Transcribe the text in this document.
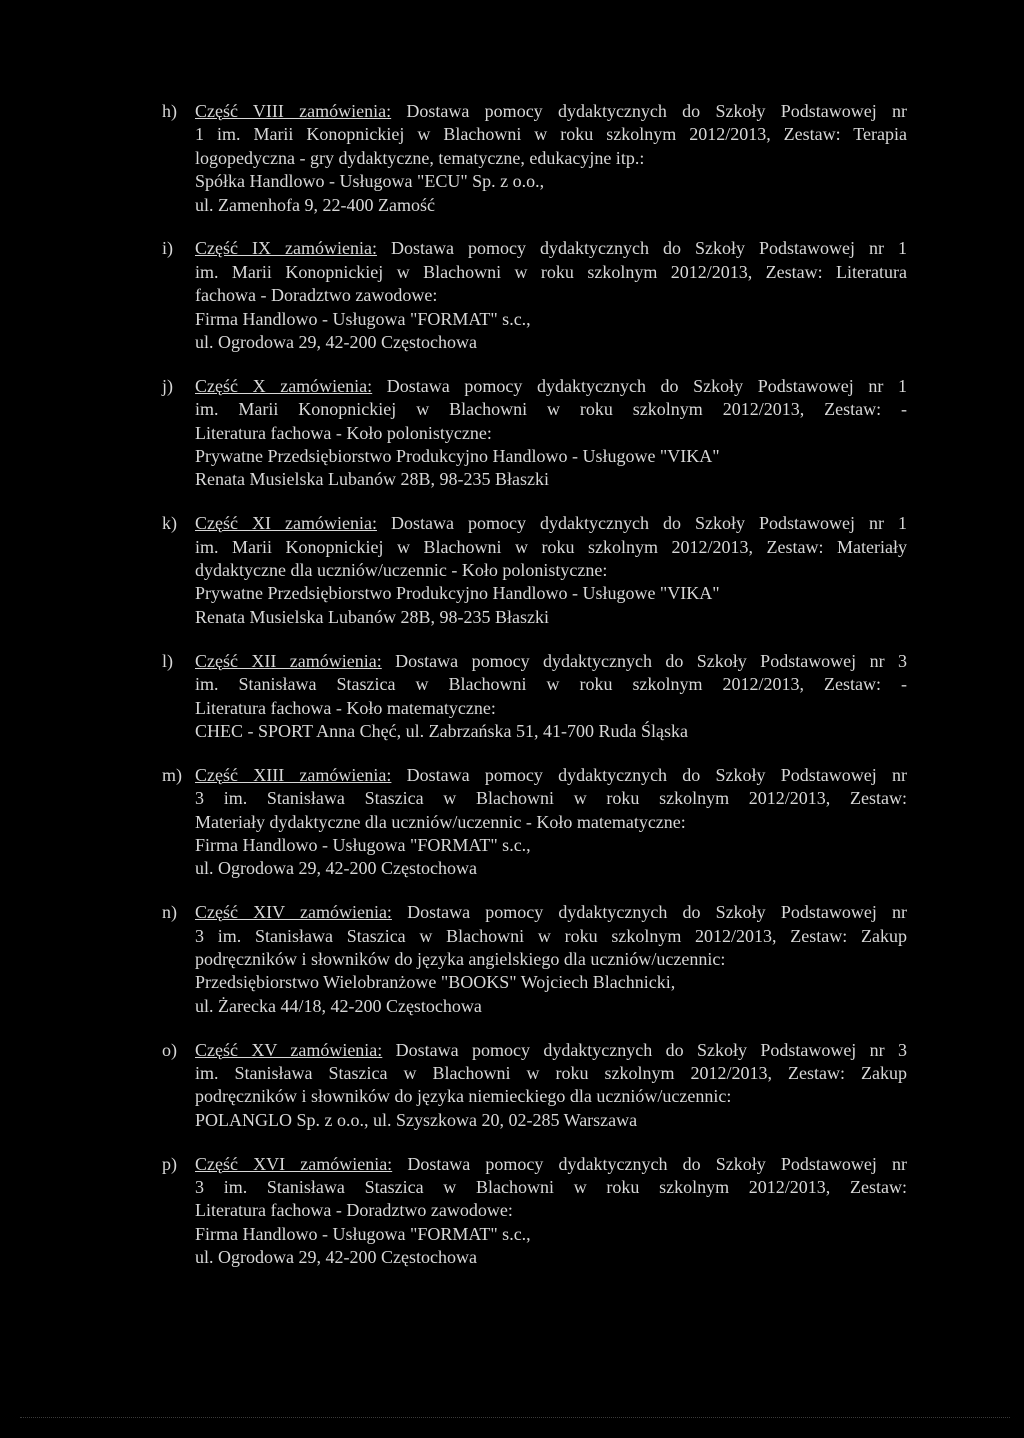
h) Część VIII zamówienia: Dostawa pomocy dydaktycznych do Szkoły Podstawowej nr
1 im. Marii Konopnickiej w Blachowni w roku szkolnym 2012/2013, Zestaw: Terapia
logopedyczna - gry dydaktyczne, tematyczne, edukacyjne itp.:
Spółka Handlowo - Usługowa "ECU" Sp. z o.o.,
ul. Zamenhofa 9, 22-400 Zamość
i) Część IX zamówienia: Dostawa pomocy dydaktycznych do Szkoły Podstawowej nr 1
im. Marii Konopnickiej w Blachowni w roku szkolnym 2012/2013, Zestaw: Literatura
fachowa - Doradztwo zawodowe:
Firma Handlowo - Usługowa "FORMAT" s.c.,
ul. Ogrodowa 29, 42-200 Częstochowa
j) Część X zamówienia: Dostawa pomocy dydaktycznych do Szkoły Podstawowej nr 1
im. Marii Konopnickiej w Blachowni w roku szkolnym 2012/2013, Zestaw: -
Literatura fachowa - Koło polonistyczne:
Prywatne Przedsiębiorstwo Produkcyjno Handlowo - Usługowe "VIKA"
Renata Musielska Lubanów 28B, 98-235 Błaszki
k) Część XI zamówienia: Dostawa pomocy dydaktycznych do Szkoły Podstawowej nr 1
im. Marii Konopnickiej w Blachowni w roku szkolnym 2012/2013, Zestaw: Materiały
dydaktyczne dla uczniów/uczennic - Koło polonistyczne:
Prywatne Przedsiębiorstwo Produkcyjno Handlowo - Usługowe "VIKA"
Renata Musielska Lubanów 28B, 98-235 Błaszki
l) Część XII zamówienia: Dostawa pomocy dydaktycznych do Szkoły Podstawowej nr 3
im. Stanisława Staszica w Blachowni w roku szkolnym 2012/2013, Zestaw: -
Literatura fachowa - Koło matematyczne:
CHEC - SPORT Anna Chęć, ul. Zabrzańska 51, 41-700 Ruda Śląska
m) Część XIII zamówienia: Dostawa pomocy dydaktycznych do Szkoły Podstawowej nr
3 im. Stanisława Staszica w Blachowni w roku szkolnym 2012/2013, Zestaw:
Materiały dydaktyczne dla uczniów/uczennic - Koło matematyczne:
Firma Handlowo - Usługowa "FORMAT" s.c.,
ul. Ogrodowa 29, 42-200 Częstochowa
n) Część XIV zamówienia: Dostawa pomocy dydaktycznych do Szkoły Podstawowej nr
3 im. Stanisława Staszica w Blachowni w roku szkolnym 2012/2013, Zestaw: Zakup
podręczników i słowników do języka angielskiego dla uczniów/uczennic:
Przedsiębiorstwo Wielobranżowe "BOOKS" Wojciech Blachnicki,
ul. Żarecka 44/18, 42-200 Częstochowa
o) Część XV zamówienia: Dostawa pomocy dydaktycznych do Szkoły Podstawowej nr 3
im. Stanisława Staszica w Blachowni w roku szkolnym 2012/2013, Zestaw: Zakup
podręczników i słowników do języka niemieckiego dla uczniów/uczennic:
POLANGLO Sp. z o.o., ul. Szyszkowa 20, 02-285 Warszawa
p) Część XVI zamówienia: Dostawa pomocy dydaktycznych do Szkoły Podstawowej nr
3 im. Stanisława Staszica w Blachowni w roku szkolnym 2012/2013, Zestaw:
Literatura fachowa - Doradztwo zawodowe:
Firma Handlowo - Usługowa "FORMAT" s.c.,
ul. Ogrodowa 29, 42-200 Częstochowa
